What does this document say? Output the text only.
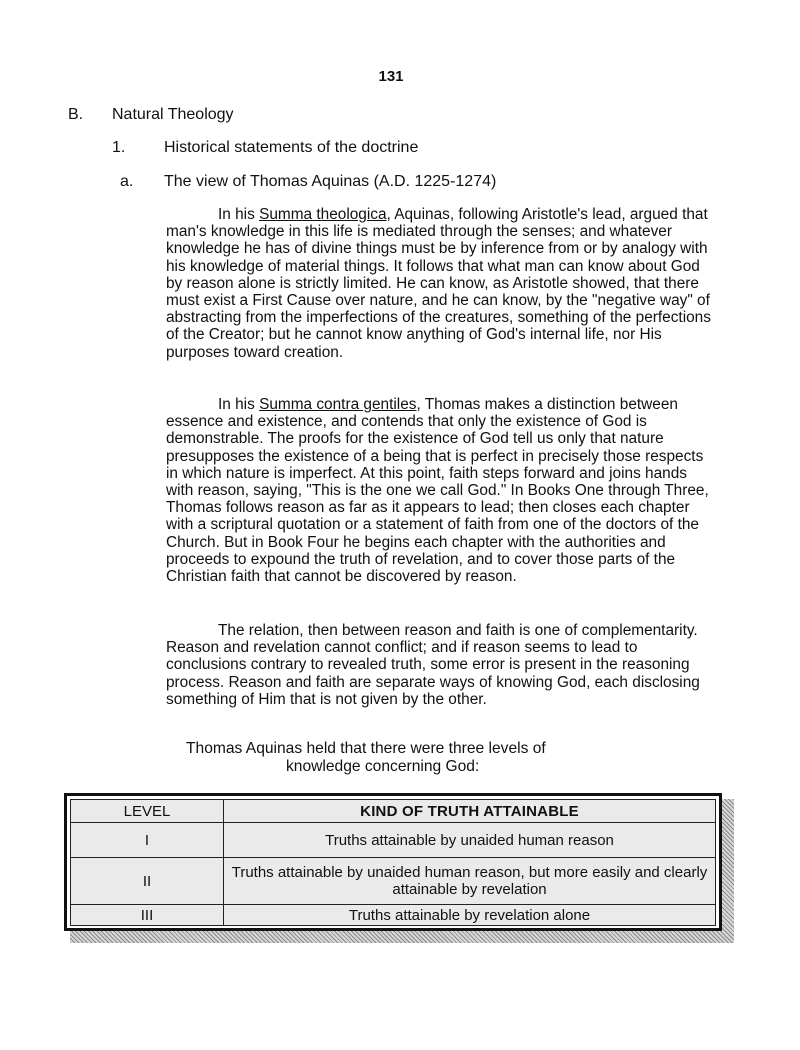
131
B. Natural Theology
1. Historical statements of the doctrine
a. The view of Thomas Aquinas (A.D. 1225-1274)

In his Summa theologica, Aquinas, following Aristotle's lead, argued that man's knowledge in this life is mediated through the senses; and whatever knowledge he has of divine things must be by inference from or by analogy with his knowledge of material things. It follows that what man can know about God by reason alone is strictly limited. He can know, as Aristotle showed, that there must exist a First Cause over nature, and he can know, by the "negative way" of abstracting from the imperfections of the creatures, something of the perfections of the Creator; but he cannot know anything of God's internal life, nor His purposes toward creation.

In his Summa contra gentiles, Thomas makes a distinction between essence and existence, and contends that only the existence of God is demonstrable. The proofs for the existence of God tell us only that nature presupposes the existence of a being that is perfect in precisely those respects in which nature is imperfect. At this point, faith steps forward and joins hands with reason, saying, "This is the one we call God." In Books One through Three, Thomas follows reason as far as it appears to lead; then closes each chapter with a scriptural quotation or a statement of faith from one of the doctors of the Church. But in Book Four he begins each chapter with the authorities and proceeds to expound the truth of revelation, and to cover those parts of the Christian faith that cannot be discovered by reason.

The relation, then between reason and faith is one of complementarity. Reason and revelation cannot conflict; and if reason seems to lead to conclusions contrary to revealed truth, some error is present in the reasoning process. Reason and faith are separate ways of knowing God, each disclosing something of Him that is not given by the other.

Thomas Aquinas held that there were three levels of
knowledge concerning God:
LEVEL	KIND OF TRUTH ATTAINABLE
I	Truths attainable by unaided human reason
II	Truths attainable by unaided human reason, but more easily and clearly attainable by revelation
III	Truths attainable by revelation alone
